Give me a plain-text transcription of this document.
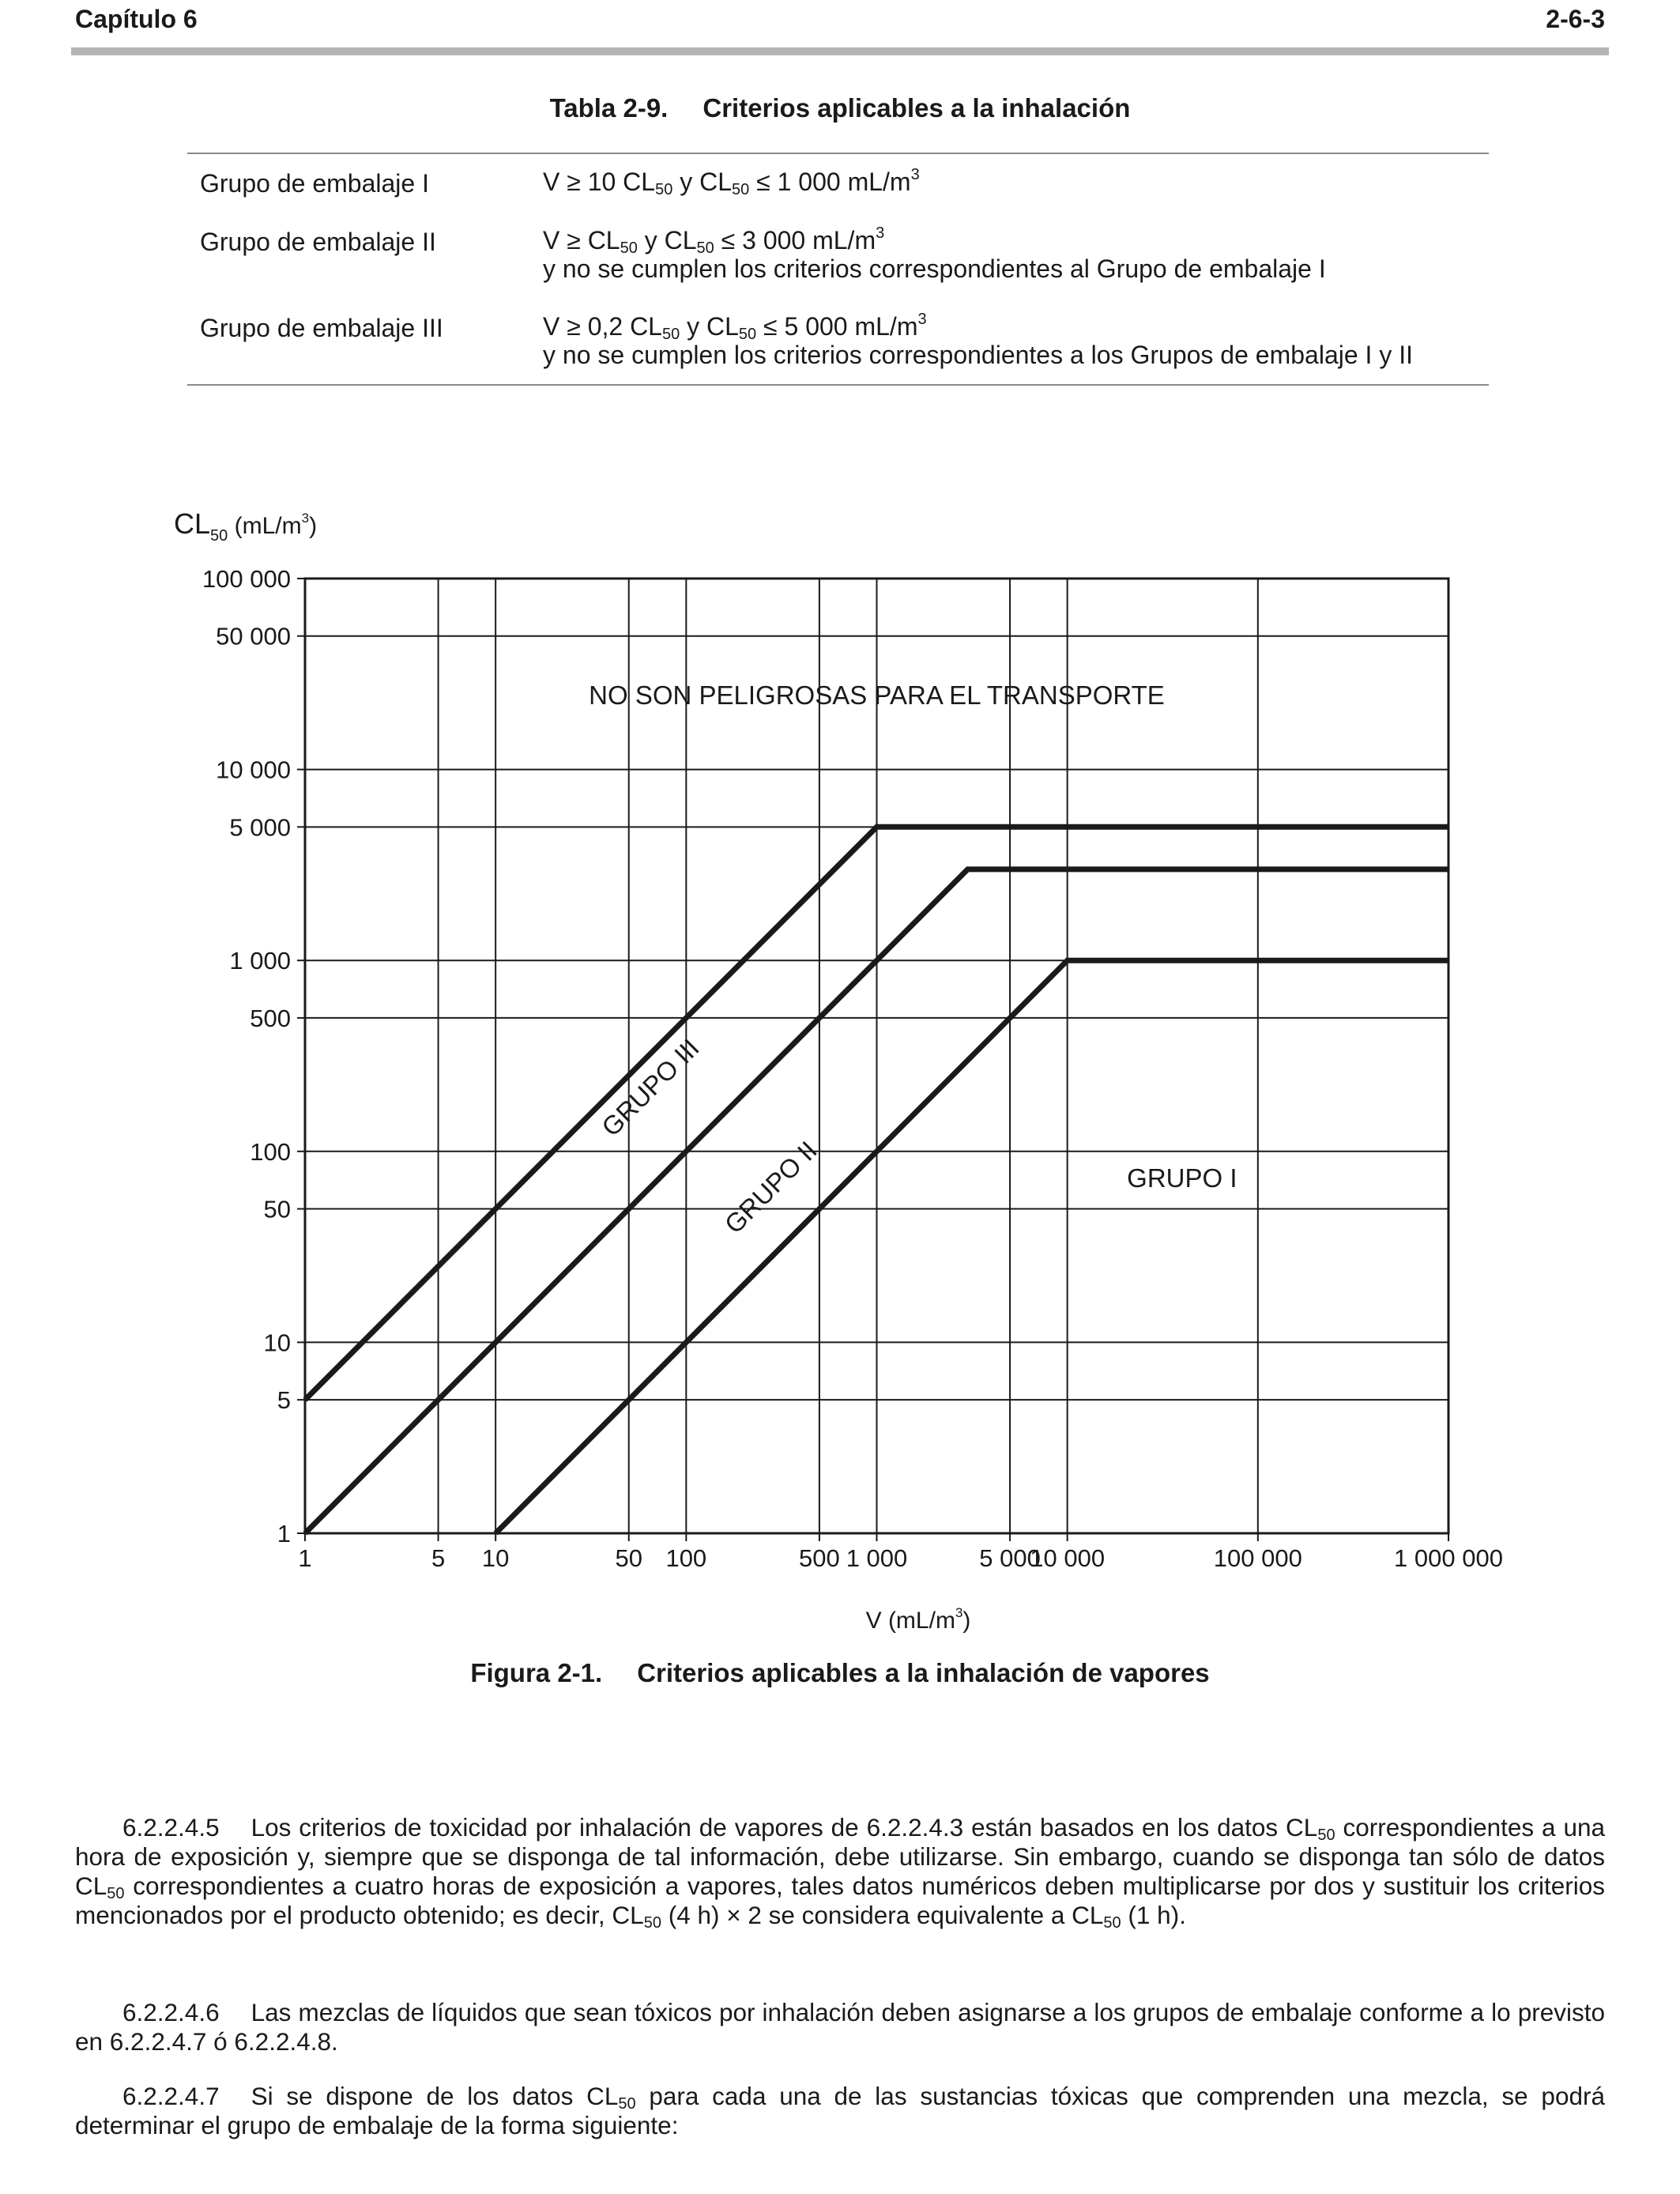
Capítulo 6	2-6-3
Tabla 2-9. Criterios aplicables a la inhalación
Grupo de embalaje I	V ≥ 10 $CL_{50}$ y $CL_{50} \le 1$ 000 $mL/m^3$
Grupo de embalaje II	$V \ge CL_{50}$ y $CL_{50} \le 3$ 000 $mL/m^3$
y no se cumplen los criterios correspondientes al Grupo de embalaje I
Grupo de embalaje III	V ≥ 0,2 $CL_{50}$ y $CL_{50} \le 5$ 000 $mL/m^3$
y no se cumplen los criterios correspondientes a los Grupos de embalaje I y II
$CL_{50}$ $^{(mL/m3}_)$
V $(mL/m^3)$
1	5 10	50 100	500 1 000	5 000
10 000	100 000	1 000 000
1
5
10
50
100
500
1 000
5 000
10 000
50 000
100 000
NO SON PELIGROSAS PARA EL TRANSPORTE
GRUPO III
GRUPO II	GRUPO I
Figura 2-1. Criterios aplicables a la inhalación de vapores
6.2.2.4.5 Los criterios de toxicidad por inhalación de vapores de 6.2.2.4.3 están basados en los datos $CL_{50}$ correspondientes a una hora de exposición y, siempre que se disponga de tal información, debe utilizarse. Sin embargo, cuando se disponga tan sólo de datos $CL_{50}$ correspondientes a cuatro horas de exposición a vapores, tales datos numéricos deben multiplicarse por dos y sustituir los criterios mencionados por el producto obtenido; es decir, $CL_{50}$ (4 h) × 2 se considera equivalente a $CL_{50}$ (1 h).
6.2.2.4.6 Las mezclas de líquidos que sean tóxicos por inhalación deben asignarse a los grupos de embalaje conforme a lo previsto en 6.2.2.4.7 ó 6.2.2.4.8.
6.2.2.4.7 Si se dispone de los datos $CL_{50}$ para cada una de las sustancias tóxicas que comprenden una mezcla, se podrá determinar el grupo de embalaje de la forma siguiente:
